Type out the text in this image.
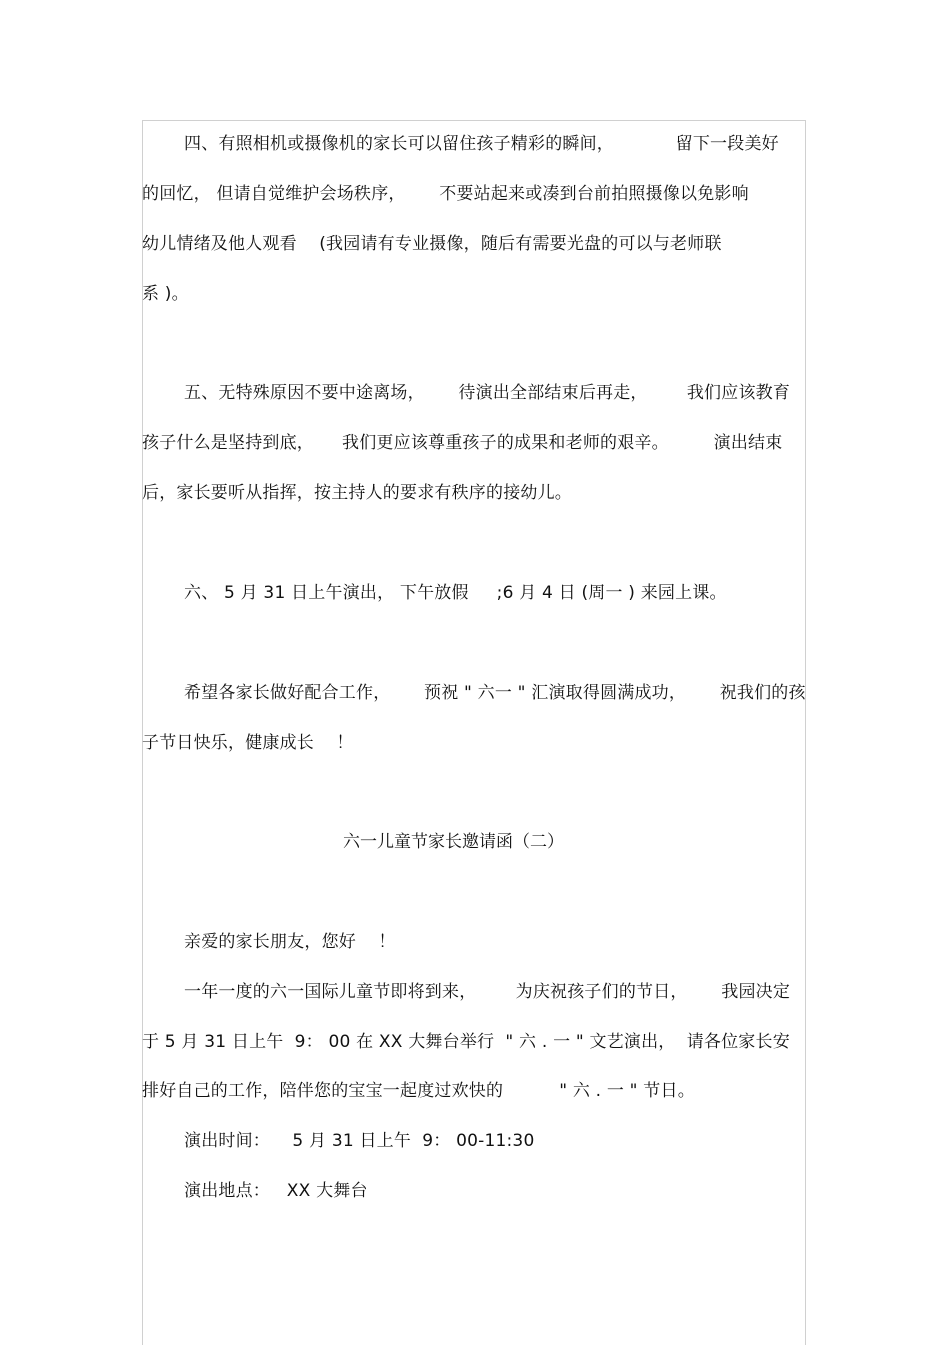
四、有照相机或摄像机的家长可以留住孩子精彩的瞬间，           留下一段美好
的回忆， 但请自觉维护会场秩序，      不要站起来或凑到台前拍照摄像以免影响
幼儿情绪及他人观看    (我园请有专业摄像，随后有需要光盘的可以与老师联
系 )。
五、无特殊原因不要中途离场，      待演出全部结束后再走，       我们应该教育
孩子什么是坚持到底，     我们更应该尊重孩子的成果和老师的艰辛。        演出结束
后，家长要听从指挥，按主持人的要求有秩序的接幼儿。
六、 5 月 31 日上午演出， 下午放假     ;6 月 4 日 (周一 ) 来园上课。
希望各家长做好配合工作，      预祝 " 六一 " 汇演取得圆满成功，      祝我们的孩
子节日快乐，健康成长    ！
六一儿童节家长邀请函（二）
亲爱的家长朋友，您好    ！
一年一度的六一国际儿童节即将到来，       为庆祝孩子们的节日，      我园决定
于 5 月 31 日上午  9： 00 在 XX 大舞台举行  " 六 . 一 " 文艺演出，  请各位家长安
排好自己的工作，陪伴您的宝宝一起度过欢快的          " 六 . 一 " 节日。
演出时间：    5 月 31 日上午  9： 00-11:30
演出地点：   XX 大舞台
